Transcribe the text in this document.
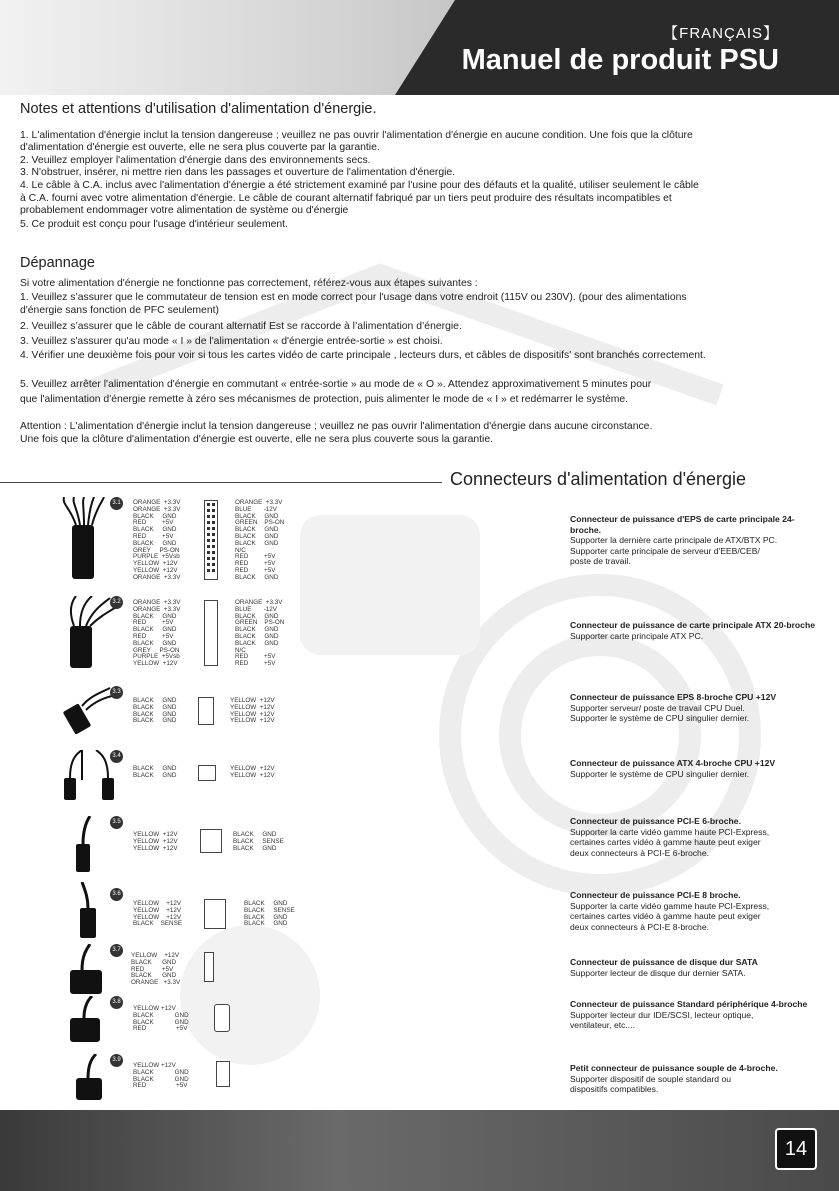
【FRANÇAIS】
Manuel de produit PSU
Notes et attentions d'utilisation d'alimentation d'énergie.
1. L'alimentation d'énergie inclut la tension dangereuse ; veuillez ne pas ouvrir l'alimentation d'énergie en aucune condition. Une fois que la clôture
d'alimentation d'énergie est ouverte, elle ne sera plus couverte par la garantie.
2. Veuillez employer l'alimentation d'énergie dans des environnements secs.
3. N'obstruer, insérer, ni mettre rien dans les passages et ouverture de l'alimentation d'énergie.
4. Le câble à C.A. inclus avec l'alimentation d'énergie a été strictement examiné par l'usine pour des défauts et la qualité, utiliser seulement le câble
à C.A. fourni avec votre alimentation d'énergie. Le câble de courant alternatif fabriqué par un tiers peut produire des résultats incompatibles et
probablement endommager votre alimentation de système ou d'énergie
5. Ce produit est conçu pour l'usage d'intérieur seulement.
Dépannage
Si votre alimentation d'énergie ne fonctionne pas correctement, référez-vous aux étapes suivantes :
1. Veuillez s’assurer que le commutateur de tension est en mode correct pour l'usage dans votre endroit (115V ou 230V). (pour des alimentations
d'énergie sans fonction de PFC seulement)
2. Veuillez s’assurer que le câble de courant alternatif Est se raccorde à l’alimentation d’énergie.
3. Veuillez s'assurer qu'au mode « I » de l'alimentation « d'énergie entrée-sortie » est choisi.
4. Vérifier une deuxième fois pour voir si tous les cartes vidéo de carte principale , lecteurs durs, et câbles de dispositifs' sont branchés correctement.
5. Veuillez arrêter l'alimentation d'énergie en commutant « entrée-sortie » au mode de « O ». Attendez approximativement 5 minutes pour
que l'alimentation d'énergie remette à zéro ses mécanismes de protection, puis alimenter le mode de « I » et redémarrer le système.
Attention : L'alimentation d'énergie inclut la tension dangereuse ; veuillez ne pas ouvrir l'alimentation d'énergie dans aucune circonstance.
Une fois que la clôture d'alimentation d'énergie est ouverte, elle ne sera plus couverte sous la garantie.
Connecteurs d'alimentation d'énergie
3.1	ORANGE  +3.3V
ORANGE  +3.3V
BLACK     GND
RED         +5V
BLACK     GND
RED         +5V
BLACK     GND
GREY     PS-ON
PURPLE  +5Vsb
YELLOW  +12V
YELLOW  +12V
ORANGE  +3.3V
ORANGE  +3.3V
BLUE       -12V
BLACK     GND
GREEN    PS-ON
BLACK     GND
BLACK     GND
BLACK     GND
N/C
RED         +5V
RED         +5V
RED         +5V
BLACK     GND
Connecteur de puissance d'EPS de carte principale 24-broche.
Supporter la dernière carte principale de ATX/BTX PC.
Supporter carte principale de serveur d'EEB/CEB/
poste de travail.
3.2	ORANGE  +3.3V
ORANGE  +3.3V
BLACK     GND
RED         +5V
BLACK     GND
RED         +5V
BLACK     GND
GREY     PS-ON
PURPLE  +5Vsb
YELLOW  +12V
ORANGE  +3.3V
BLUE       -12V
BLACK     GND
GREEN    PS-ON
BLACK     GND
BLACK     GND
BLACK     GND
N/C
RED         +5V
RED         +5V
Connecteur de puissance de carte principale ATX 20-broche
Supporter carte principale ATX PC.
3.3
BLACK     GND
BLACK     GND
BLACK     GND
BLACK     GND
YELLOW  +12V
YELLOW  +12V
YELLOW  +12V
YELLOW  +12V
Connecteur de puissance EPS 8-broche CPU +12V
Supporter serveur/ poste de travail CPU Duel.
Supporter le système de CPU singulier dernier.
3.4
BLACK     GND
BLACK     GND
YELLOW  +12V
YELLOW  +12V
Connecteur de puissance ATX 4-broche CPU +12V
Supporter le système de CPU singulier dernier.
3.5
YELLOW  +12V
YELLOW  +12V
YELLOW  +12V
BLACK     GND
BLACK     SENSE
BLACK     GND
Connecteur de puissance PCI-E 6-broche.
Supporter la carte vidéo gamme haute PCI-Express,
certaines cartes vidéo à gamme haute peut exiger
deux connecteurs à PCI-E 6-broche.
3.6
YELLOW    +12V
YELLOW    +12V
YELLOW    +12V
BLACK    SENSE
BLACK     GND
BLACK     SENSE
BLACK     GND
BLACK     GND
Connecteur de puissance PCI-E 8 broche.
Supporter la carte vidéo gamme haute PCI-Express,
certaines cartes vidéo à gamme haute peut exiger
deux connecteurs à PCI-E 8-broche.
3.7
YELLOW    +12V
BLACK      GND
RED          +5V
BLACK      GND
ORANGE   +3.3V
Connecteur de puissance de disque dur SATA
Supporter lecteur de disque dur dernier SATA.
3.8
YELLOW +12V
BLACK            GND
BLACK            GND
RED                 +5V
Connecteur de puissance Standard périphérique 4-broche
Supporter lecteur dur IDE/SCSI, lecteur optique,
ventilateur, etc....
3.9
YELLOW +12V
BLACK            GND
BLACK            GND
RED                 +5V
Petit connecteur de puissance souple de 4-broche.
Supporter dispositif de souple standard ou
dispositifs compatibles.
14
